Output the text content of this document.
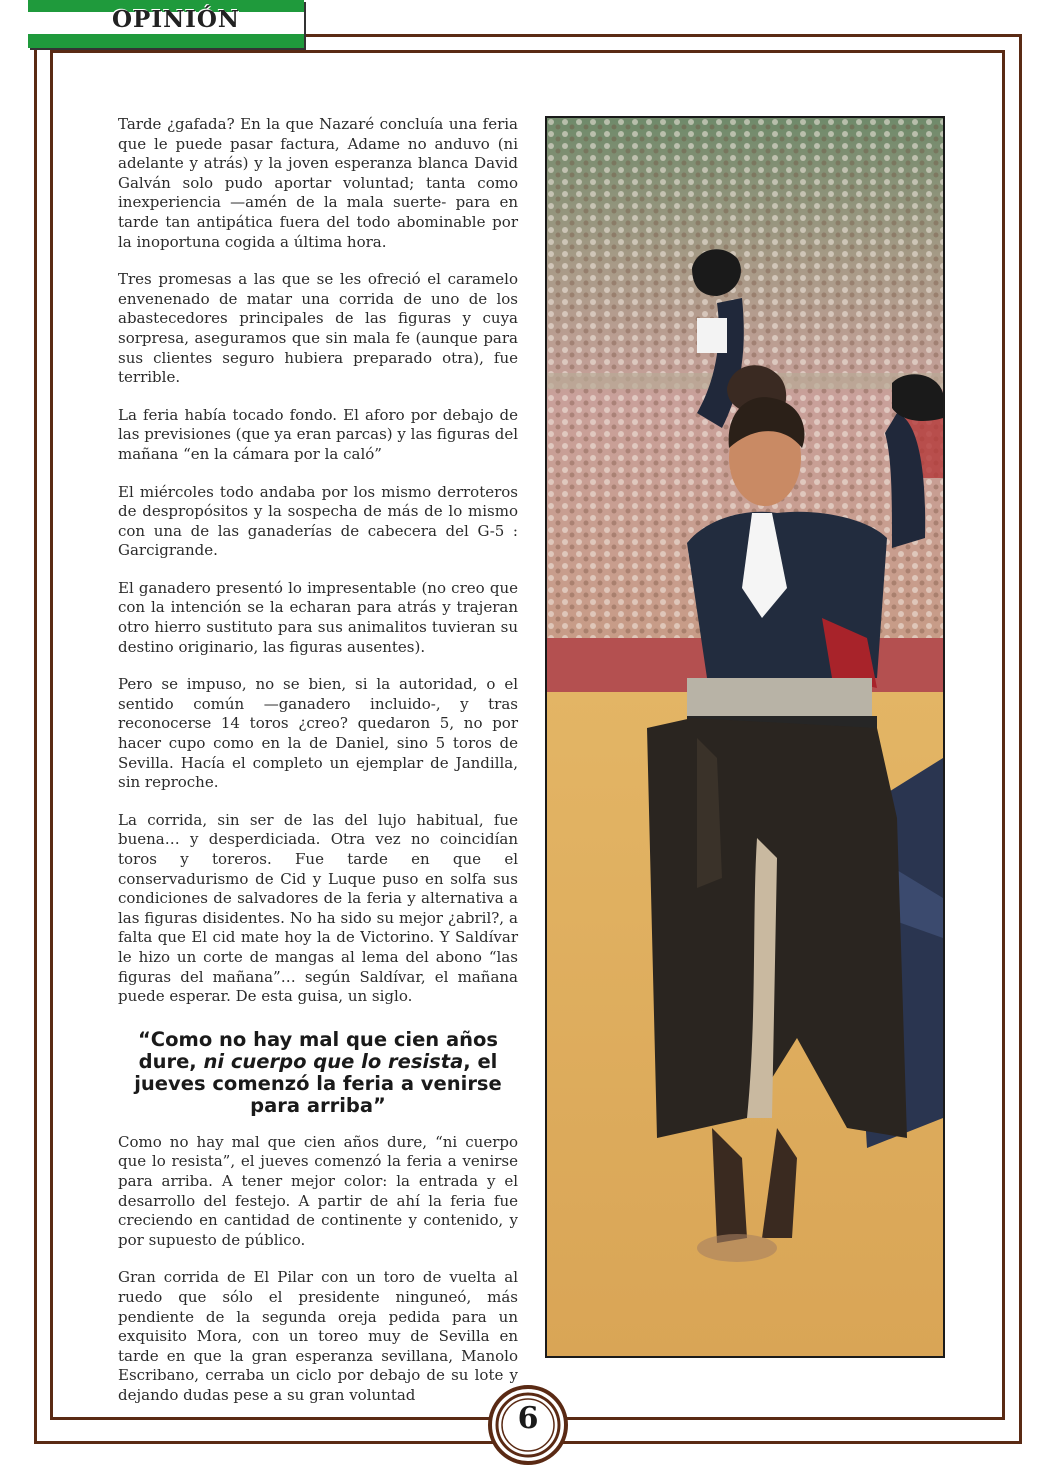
OPINIÓN

Tarde ¿gafada? En la que Nazaré concluía una feria que le puede pasar factura, Adame no anduvo (ni adelante y atrás) y la joven esperanza blanca David Galván solo pudo aportar voluntad; tanta como inexperiencia —amén de la mala suerte- para en tarde tan antipática fuera del todo abominable por la inoportuna cogida a última hora.

Tres promesas a las que se les ofreció el caramelo envenenado de matar una corrida de uno de los abastecedores principales de las figuras y cuya sorpresa, aseguramos que sin mala fe (aunque para sus clientes seguro hubiera preparado otra), fue terrible.

La feria había tocado fondo. El aforo por debajo de las previsiones (que ya eran parcas) y las figuras del mañana “en la cámara por la caló”

El miércoles todo andaba por los mismo derroteros de despropósitos y la sospecha de más de lo mismo con una de las ganaderías de cabecera del G-5 : Garcigrande.

El ganadero presentó lo impresentable (no creo que con la intención se la echaran para atrás y trajeran otro hierro sustituto para sus animalitos tuvieran su destino originario, las figuras ausentes).

Pero se impuso, no se bien, si la autoridad, o el sentido común —ganadero incluido-, y tras reconocerse 14 toros ¿creo? quedaron 5, no por hacer cupo como en la de Daniel, sino 5 toros de Sevilla. Hacía el completo un ejemplar de Jandilla, sin reproche.

La corrida, sin ser de las del lujo habitual, fue buena… y desperdiciada. Otra vez no coincidían toros y toreros. Fue tarde en que el conservadurismo de Cid y Luque puso en solfa sus condiciones de salvadores de la feria y alternativa a las figuras disidentes. No ha sido su mejor ¿abril?, a falta que El cid mate hoy la de Victorino. Y Saldívar le hizo un corte de mangas al lema del abono “las figuras del mañana”… según Saldívar, el mañana puede esperar. De esta guisa, un siglo.

“Como no hay mal que cien años dure, ni cuerpo que lo resista, el jueves comenzó la feria a venirse para arriba”

Como no hay mal que cien años dure, “ni cuerpo que lo resista”, el jueves comenzó la feria a venirse para arriba. A tener mejor color: la entrada y el desarrollo del festejo. A partir de ahí la feria fue creciendo en cantidad de continente y contenido, y por supuesto de público.

Gran corrida de El Pilar con un toro de vuelta al ruedo que sólo el presidente ninguneó, más pendiente de la segunda oreja pedida para un exquisito Mora, con un toreo muy de Sevilla en tarde en que la gran esperanza sevillana, Manolo Escribano, cerraba un ciclo por debajo de su lote y dejando dudas pese a su gran voluntad

6
